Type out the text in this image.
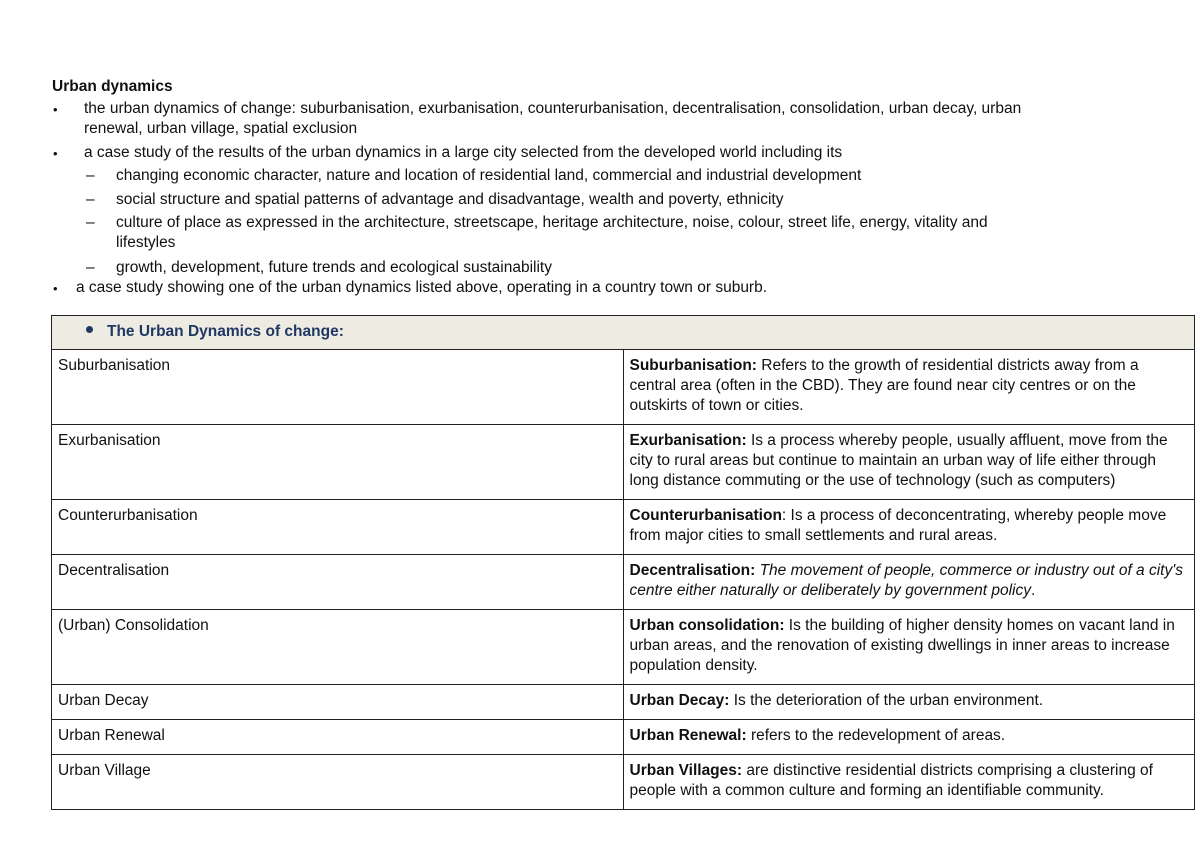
Urban dynamics
• the urban dynamics of change: suburbanisation, exurbanisation, counterurbanisation, decentralisation, consolidation, urban decay, urban
renewal, urban village, spatial exclusion
• a case study of the results of the urban dynamics in a large city selected from the developed world including its
– changing economic character, nature and location of residential land, commercial and industrial development
– social structure and spatial patterns of advantage and disadvantage, wealth and poverty, ethnicity
– culture of place as expressed in the architecture, streetscape, heritage architecture, noise, colour, street life, energy, vitality and
lifestyles
– growth, development, future trends and ecological sustainability
• a case study showing one of the urban dynamics listed above, operating in a country town or suburb.
The Urban Dynamics of change:	
Suburbanisation	Suburbanisation: Refers to the growth of residential districts away from a central area (often in the CBD). They are found near city centres or on the outskirts of town or cities.
Exurbanisation	Exurbanisation: Is a process whereby people, usually affluent, move from the city to rural areas but continue to maintain an urban way of life either through long distance commuting or the use of technology (such as computers)
Counterurbanisation	Counterurbanisation: Is a process of deconcentrating, whereby people move from major cities to small settlements and rural areas.
Decentralisation	Decentralisation: The movement of people, commerce or industry out of a city's centre either naturally or deliberately by government policy.
(Urban) Consolidation	Urban consolidation: Is the building of higher density homes on vacant land in urban areas, and the renovation of existing dwellings in inner areas to increase population density.
Urban Decay	Urban Decay: Is the deterioration of the urban environment.
Urban Renewal	Urban Renewal: refers to the redevelopment of areas.
Urban Village	Urban Villages: are distinctive residential districts comprising a clustering of people with a common culture and forming an identifiable community.
